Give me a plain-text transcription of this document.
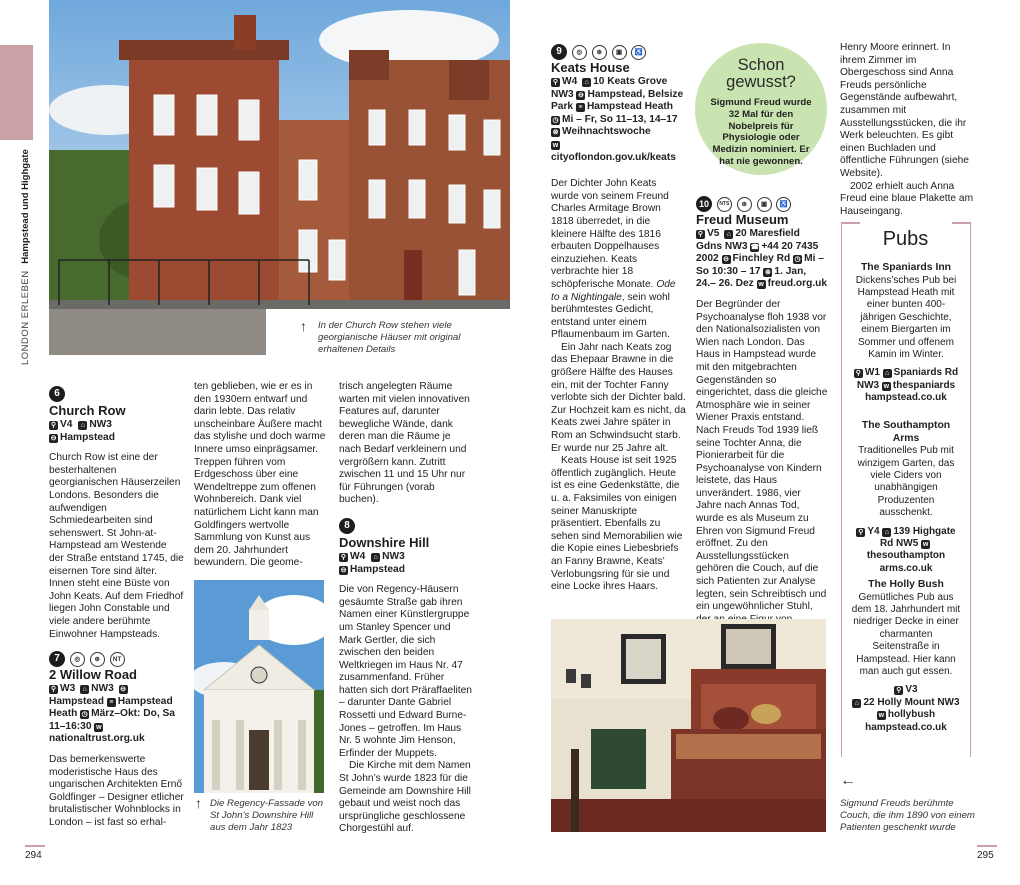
LONDON ERLEBEN Hampstead und Highgate
↑ In der Church Row stehen viele georgianische Häuser mit original erhaltenen Details
6
Church Row
⚲ V4 ⌂ NW3
⊖ Hampstead

Church Row ist eine der besterhaltenen georgianischen Häuserzeilen Londons. Besonders die aufwendigen Schmiedearbeiten sind sehenswert. St John-at-Hampstead am Westende der Straße entstand 1745, die eisernen Tore sind älter. Innen steht eine Büste von John Keats. Auf dem Friedhof liegen John Constable und viele andere berühmte Einwohner Hampsteads.

7 ◎ ⊕ NT
2 Willow Road
⚲ W3 ⌂ NW3 ⊖Hampstead ≡ Hampstead Heath ◷ März–Okt: Do, Sa 11–16:30 wnationaltrust.org.uk

Das bemerkenswerte moderistische Haus des ungarischen Architekten Ernő Goldfinger – Designer etlicher brutalistischer Wohnblocks in London – ist fast so erhal-

ten geblieben, wie er es in den 1930ern entwarf und darin lebte. Das relativ unscheinbare Äußere macht das stylishe und doch warme Innere umso einprägsamer. Treppen führen vom Erdgeschoss über eine Wendeltreppe zum offenen Wohnbereich. Dank viel natürlichem Licht kann man Goldfingers wertvolle Sammlung von Kunst aus dem 20. Jahrhundert bewundern. Die geome-

↑ Die Regency-Fassade von St John’s Downshire Hill aus dem Jahr 1823

trisch angelegten Räume warten mit vielen innovativen Features auf, darunter bewegliche Wände, dank deren man die Räume je nach Bedarf verkleinern und vergrößern kann. Zutritt zwischen 11 und 15 Uhr nur für Führungen (vorab buchen).

8
Downshire Hill
⚲ W4 ⌂ NW3
⊖ Hampstead

Die von Regency-Häusern gesäumte Straße gab ihren Namen einer Künstlergruppe um Stanley Spencer und Mark Gertler, die sich zwischen den beiden Weltkriegen im Haus Nr. 47 zusammenfand. Früher hatten sich dort Präraffaeliten – darunter Dante Gabriel Rossetti und Edward Burne-Jones – getroffen. Im Haus Nr. 5 wohnte Jim Henson, Erfinder der Muppets.

Die Kirche mit dem Namen St John’s wurde 1823 für die Gemeinde am Downshire Hill gebaut und weist noch das ursprüngliche geschlossene Chorgestühl auf.

9 ◎ ⊕ ▣ ♿
Keats House
⚲ W4 ⌂ 10 Keats Grove NW3 ⊖ Hampstead, Belsize Park ≡ Hampstead Heath
◷ Mi – Fr, So 11–13, 14–17
⊗ Weihnachtswoche
wcityoflondon.gov.uk/keats

Der Dichter John Keats wurde von seinem Freund Charles Armitage Brown 1818 überredet, in die kleinere Hälfte des 1816 erbauten Doppelhauses einzuziehen. Keats verbrachte hier 18 schöpferische Monate. Ode to a Nightingale, sein wohl berühmtestes Gedicht, entstand unter einem Pflaumenbaum im Garten.

Ein Jahr nach Keats zog das Ehepaar Brawne in die größere Hälfte des Hauses ein, mit der Tochter Fanny verlobte sich der Dichter bald. Zur Hochzeit kam es nicht, da Keats zwei Jahre später in Rom an Schwindsucht starb. Er wurde nur 25 Jahre alt.

Keats House ist seit 1925 öffentlich zugänglich. Heute ist es eine Gedenkstätte, die u. a. Faksimiles von einigen seiner Manuskripte präsentiert. Ebenfalls zu sehen sind Memorabilien wie die Kopie eines Liebesbriefs an Fanny Brawne, Keats’ Verlobungsring für sie und eine Locke ihres Haars.

Schon gewusst?
Sigmund Freud wurde 32 Mal für den Nobelpreis für Physiologie oder Medizin nominiert. Er hat nie gewonnen.
10 NTS ⊕ ▣ ♿
Freud Museum
⚲ V5 ⌂ 20 Maresfield Gdns NW3 ☎ +44 20 7435 2002 ⊖ Finchley Rd ◷ Mi – So 10:30 – 17 ⊗ 1. Jan, 24.– 26. Dez w freud.org.uk

Der Begründer der Psychoanalyse floh 1938 vor den Nationalsozialisten von Wien nach London. Das Haus in Hampstead wurde mit den mitgebrachten Gegenständen so eingerichtet, dass die gleiche Atmosphäre wie in seiner Wiener Praxis entstand. Nach Freuds Tod 1939 ließ seine Tochter Anna, die Pionierarbeit für die Psychoanalyse von Kindern leistete, das Haus unverändert. 1986, vier Jahre nach Annas Tod, wurde es als Museum zu Ehren von Sigmund Freud eröffnet. Zu den Ausstellungsstücken gehören die Couch, auf die sich Patienten zur Analyse legten, sein Schreibtisch und ein ungewöhnlicher Stuhl,

Henry Moore erinnert. In ihrem Zimmer im Obergeschoss sind Anna Freuds persönliche Gegenstände aufbewahrt, zusammen mit Ausstellungsstücken, die ihr Werk beleuchten. Es gibt einen Buchladen und öffentliche Führungen (siehe Website).

2002 erhielt auch Anna Freud eine blaue Plakette am Hauseingang.

Pubs
The Spaniards Inn
Dickens’sches Pub bei Hampstead Heath mit einer bunten 400-jährigen Geschichte, einem Biergarten im Sommer und offenem Kamin im Winter.
⚲ W1 ⌂ Spaniards Rd NW3 w thespaniards hampstead.co.uk
The Southampton Arms
Traditionelles Pub mit winzigem Garten, das viele Ciders von unabhängigen Produzenten ausschenkt.
⚲ Y4 ⌂ 139 Highgate Rd NW5 wthesouthampton arms.co.uk
The Holly Bush
Gemütliches Pub aus dem 18. Jahrhundert mit niedriger Decke in einer charmanten Seitenstraße in Hampstead. Hier kann man auch gut essen.
⚲ V3
⌂ 22 Holly Mount NW3 w hollybush hampstead.co.uk
←
Sigmund Freuds berühmte Couch, die ihm 1890 von einem Patienten geschenkt wurde
294	295
